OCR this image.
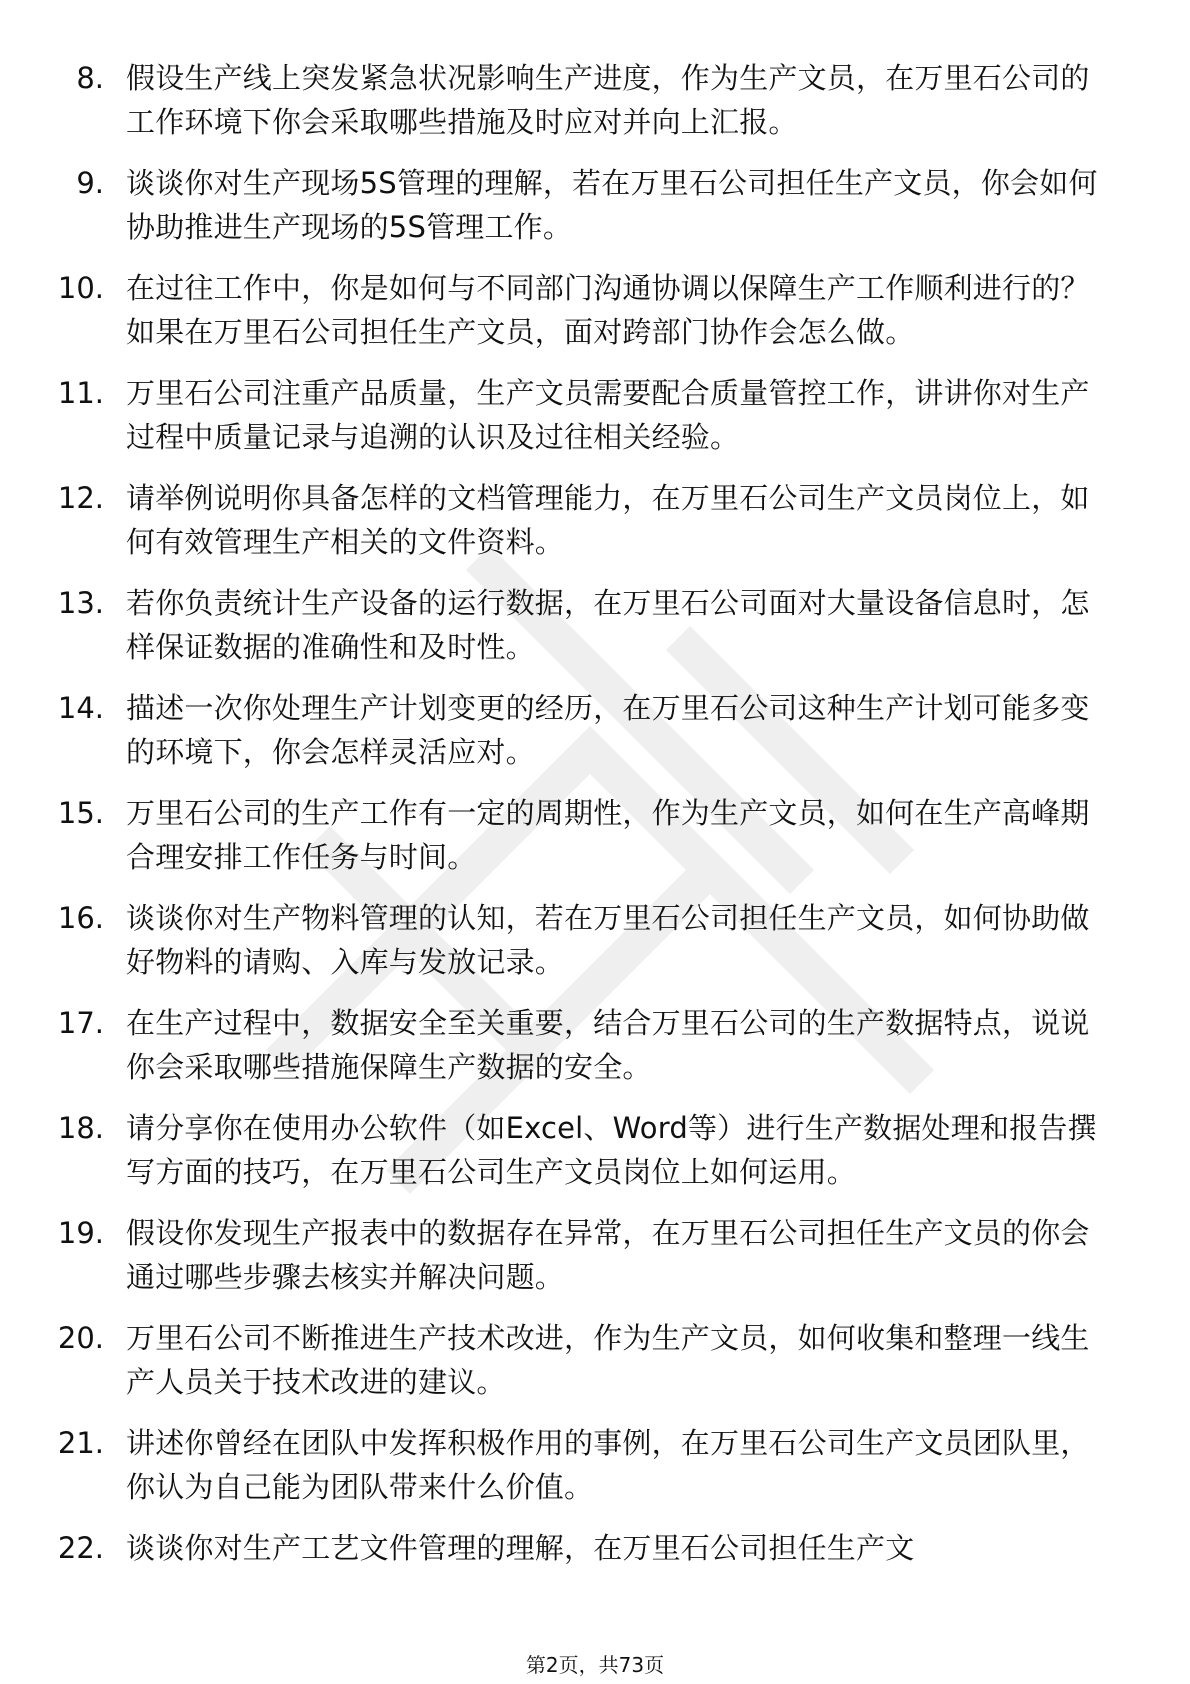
8. 假设生产线上突发紧急状况影响生产进度，作为生产文员，在万里石公司的工作环境下你会采取哪些措施及时应对并向上汇报。
9. 谈谈你对生产现场5S管理的理解，若在万里石公司担任生产文员，你会如何协助推进生产现场的5S管理工作。
10. 在过往工作中，你是如何与不同部门沟通协调以保障生产工作顺利进行的？如果在万里石公司担任生产文员，面对跨部门协作会怎么做。
11. 万里石公司注重产品质量，生产文员需要配合质量管控工作，讲讲你对生产过程中质量记录与追溯的认识及过往相关经验。
12. 请举例说明你具备怎样的文档管理能力，在万里石公司生产文员岗位上，如何有效管理生产相关的文件资料。
13. 若你负责统计生产设备的运行数据，在万里石公司面对大量设备信息时，怎样保证数据的准确性和及时性。
14. 描述一次你处理生产计划变更的经历，在万里石公司这种生产计划可能多变的环境下，你会怎样灵活应对。
15. 万里石公司的生产工作有一定的周期性，作为生产文员，如何在生产高峰期合理安排工作任务与时间。
16. 谈谈你对生产物料管理的认知，若在万里石公司担任生产文员，如何协助做好物料的请购、入库与发放记录。
17. 在生产过程中，数据安全至关重要，结合万里石公司的生产数据特点，说说你会采取哪些措施保障生产数据的安全。
18. 请分享你在使用办公软件（如Excel、Word等）进行生产数据处理和报告撰写方面的技巧，在万里石公司生产文员岗位上如何运用。
19. 假设你发现生产报表中的数据存在异常，在万里石公司担任生产文员的你会通过哪些步骤去核实并解决问题。
20. 万里石公司不断推进生产技术改进，作为生产文员，如何收集和整理一线生产人员关于技术改进的建议。
21. 讲述你曾经在团队中发挥积极作用的事例，在万里石公司生产文员团队里，你认为自己能为团队带来什么价值。
22. 谈谈你对生产工艺文件管理的理解，在万里石公司担任生产文
第2页，共73页
